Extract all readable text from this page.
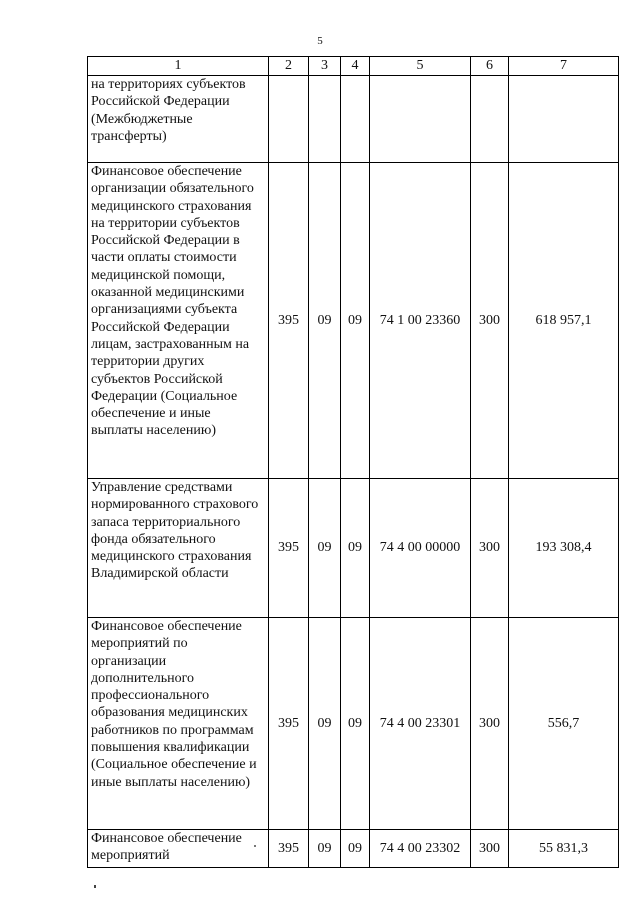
5
1	2	3	4	5	6	7
на территориях субъектов Российской Федерации (Межбюджетные трансферты)						
Финансовое обеспечение организации обязательного медицинского страхования на территории субъектов Российской Федерации в части оплаты стоимости медицинской помощи, оказанной медицинскими организациями субъекта Российской Федерации лицам, застрахованным на территории других субъектов Российской Федерации (Социальное обеспечение и иные выплаты населению)	395	09	09	74 1 00 23360	300	618 957,1
Управление средствами нормированного страхового запаса территориального фонда обязательного медицинского страхования Владимирской области	395	09	09	74 4 00 00000	300	193 308,4
Финансовое обеспечение мероприятий по организации дополнительного профессионального образования медицинских работников по программам повышения квалификации (Социальное обеспечение и иные выплаты населению)	395	09	09	74 4 00 23301	300	556,7
Финансовое обеспечение мероприятий	395	09	09	74 4 00 23302	300	55 831,3
